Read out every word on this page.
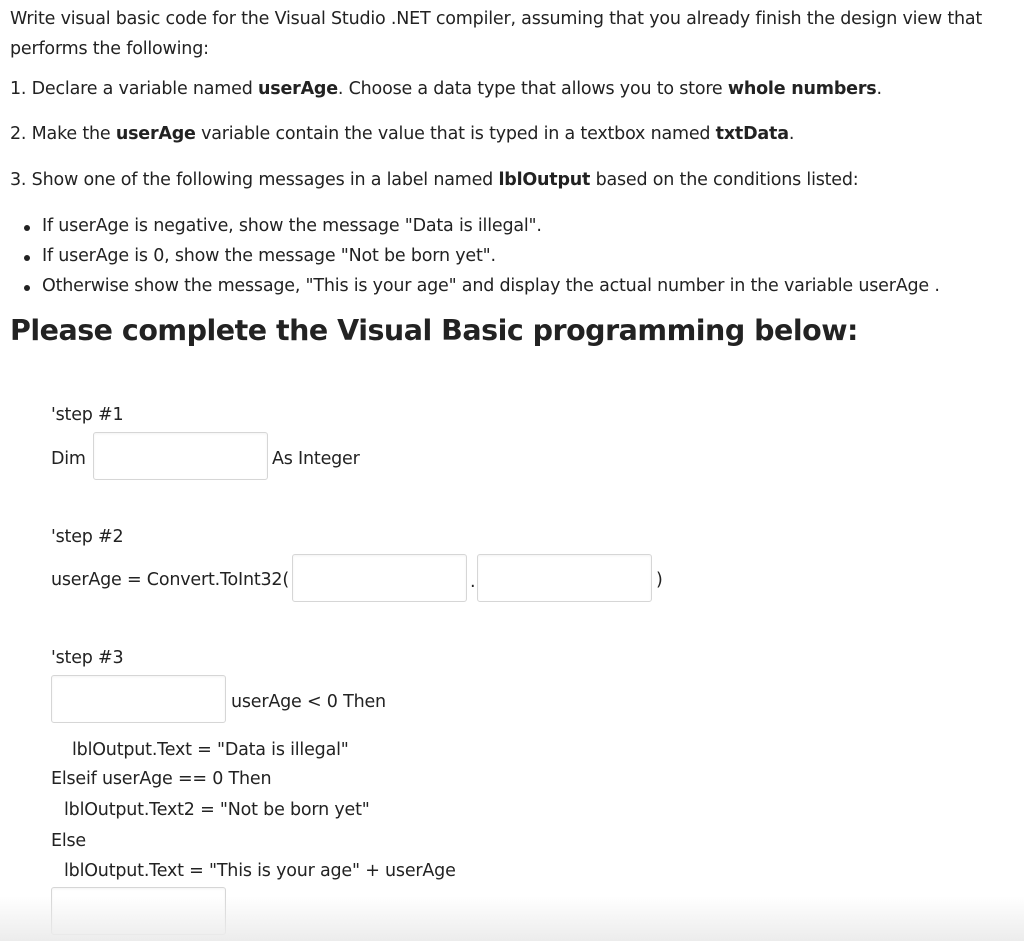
Write visual basic code for the Visual Studio .NET compiler, assuming that you already finish the design view that
performs the following:
1. Declare a variable named userAge. Choose a data type that allows you to store whole numbers.
2. Make the userAge variable contain the value that is typed in a textbox named txtData.
3. Show one of the following messages in a label named lblOutput based on the conditions listed:
If userAge is negative, show the message "Data is illegal".
If userAge is 0, show the message "Not be born yet".
Otherwise show the message, "This is your age" and display the actual number in the variable userAge .
Please complete the Visual Basic programming below:
'step #1
Dim	As Integer
'step #2
userAge = Convert.ToInt32(	.	)
'step #3
userAge < 0 Then
lblOutput.Text = "Data is illegal"
Elseif userAge == 0 Then
lblOutput.Text2 = "Not be born yet"
Else
lblOutput.Text = "This is your age" + userAge
